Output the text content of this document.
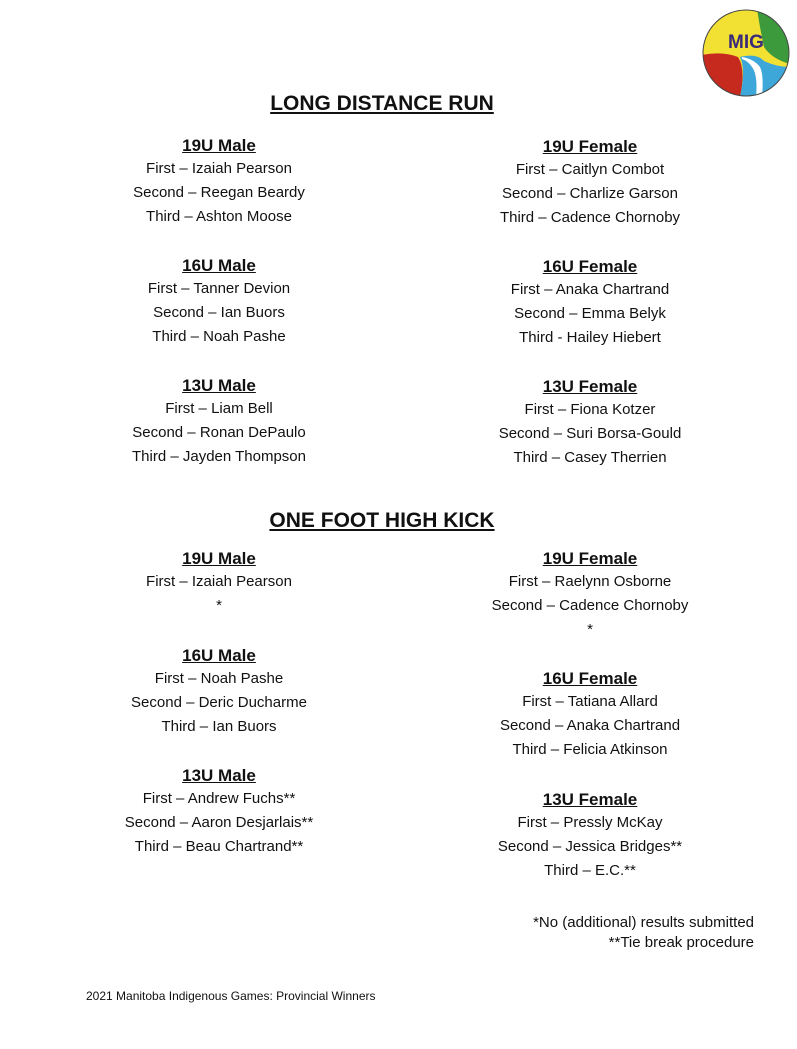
MIG
LONG DISTANCE RUN
19U Male
First – Izaiah Pearson
Second – Reegan Beardy
Third – Ashton Moose
19U Female
First – Caitlyn Combot
Second – Charlize Garson
Third – Cadence Chornoby
16U Male
First – Tanner Devion
Second – Ian Buors
Third – Noah Pashe
16U Female
First – Anaka Chartrand
Second – Emma Belyk
Third - Hailey Hiebert
13U Male
First – Liam Bell
Second – Ronan DePaulo
Third – Jayden Thompson
13U Female
First – Fiona Kotzer
Second – Suri Borsa-Gould
Third – Casey Therrien
ONE FOOT HIGH KICK
19U Male
First – Izaiah Pearson
*
19U Female
First – Raelynn Osborne
Second – Cadence Chornoby
*
16U Male
First – Noah Pashe
Second – Deric Ducharme
Third – Ian Buors
16U Female
First – Tatiana Allard
Second – Anaka Chartrand
Third – Felicia Atkinson
13U Male
First – Andrew Fuchs**
Second – Aaron Desjarlais**
Third – Beau Chartrand**
13U Female
First – Pressly McKay
Second – Jessica Bridges**
Third – E.C.**
*No (additional) results submitted
**Tie break procedure
2021 Manitoba Indigenous Games: Provincial Winners
